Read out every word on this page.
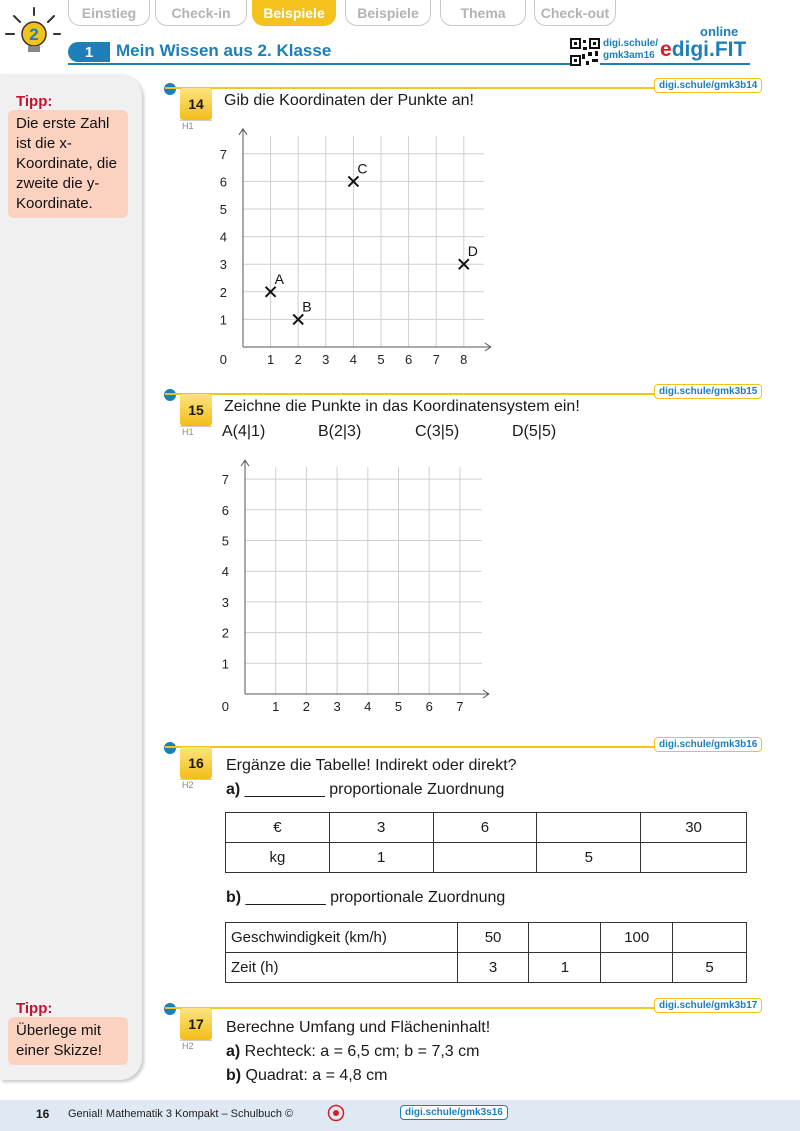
2
Einstieg	Check-in	Beispiele	Beispiele	Thema	Check-out
1	Mein Wissen aus 2. Klasse	digi.schule/
gmk3am16
online
edigi.FIT
Tipp:
Die erste Zahl ist die x-Koordinate, die zweite die y-Koordinate.
Tipp:
Überlege mit einer Skizze!
digi.schule/gmk3b14
14
H1
Gib die Koordinaten der Punkte an!
1 2 3 4 5 6 7 8
1
2
3
4
5
6
7
0
A
B
C
D
digi.schule/gmk3b15
15
H1
Zeichne die Punkte in das Koordinatensystem ein!
A(4|1)	B(2|3)	C(3|5)	D(5|5)
1 2 3 4 5 6 7
1
2
3
4
5
6
7
0
digi.schule/gmk3b16
16
H2
Ergänze die Tabelle! Indirekt oder direkt?
a) _________ proportionale Zuordnung
€	3	6		30
kg	1		5	
b) _________ proportionale Zuordnung
Geschwindigkeit (km/h)	50		100	
Zeit (h)	3	1		5
digi.schule/gmk3b17
17
H2
Berechne Umfang und Flächeninhalt!
a) Rechteck: a = 6,5 cm; b = 7,3 cm
b) Quadrat: a = 4,8 cm
16 Genial! Mathematik 3 Kompakt – Schulbuch ©	digi.schule/gmk3s16
